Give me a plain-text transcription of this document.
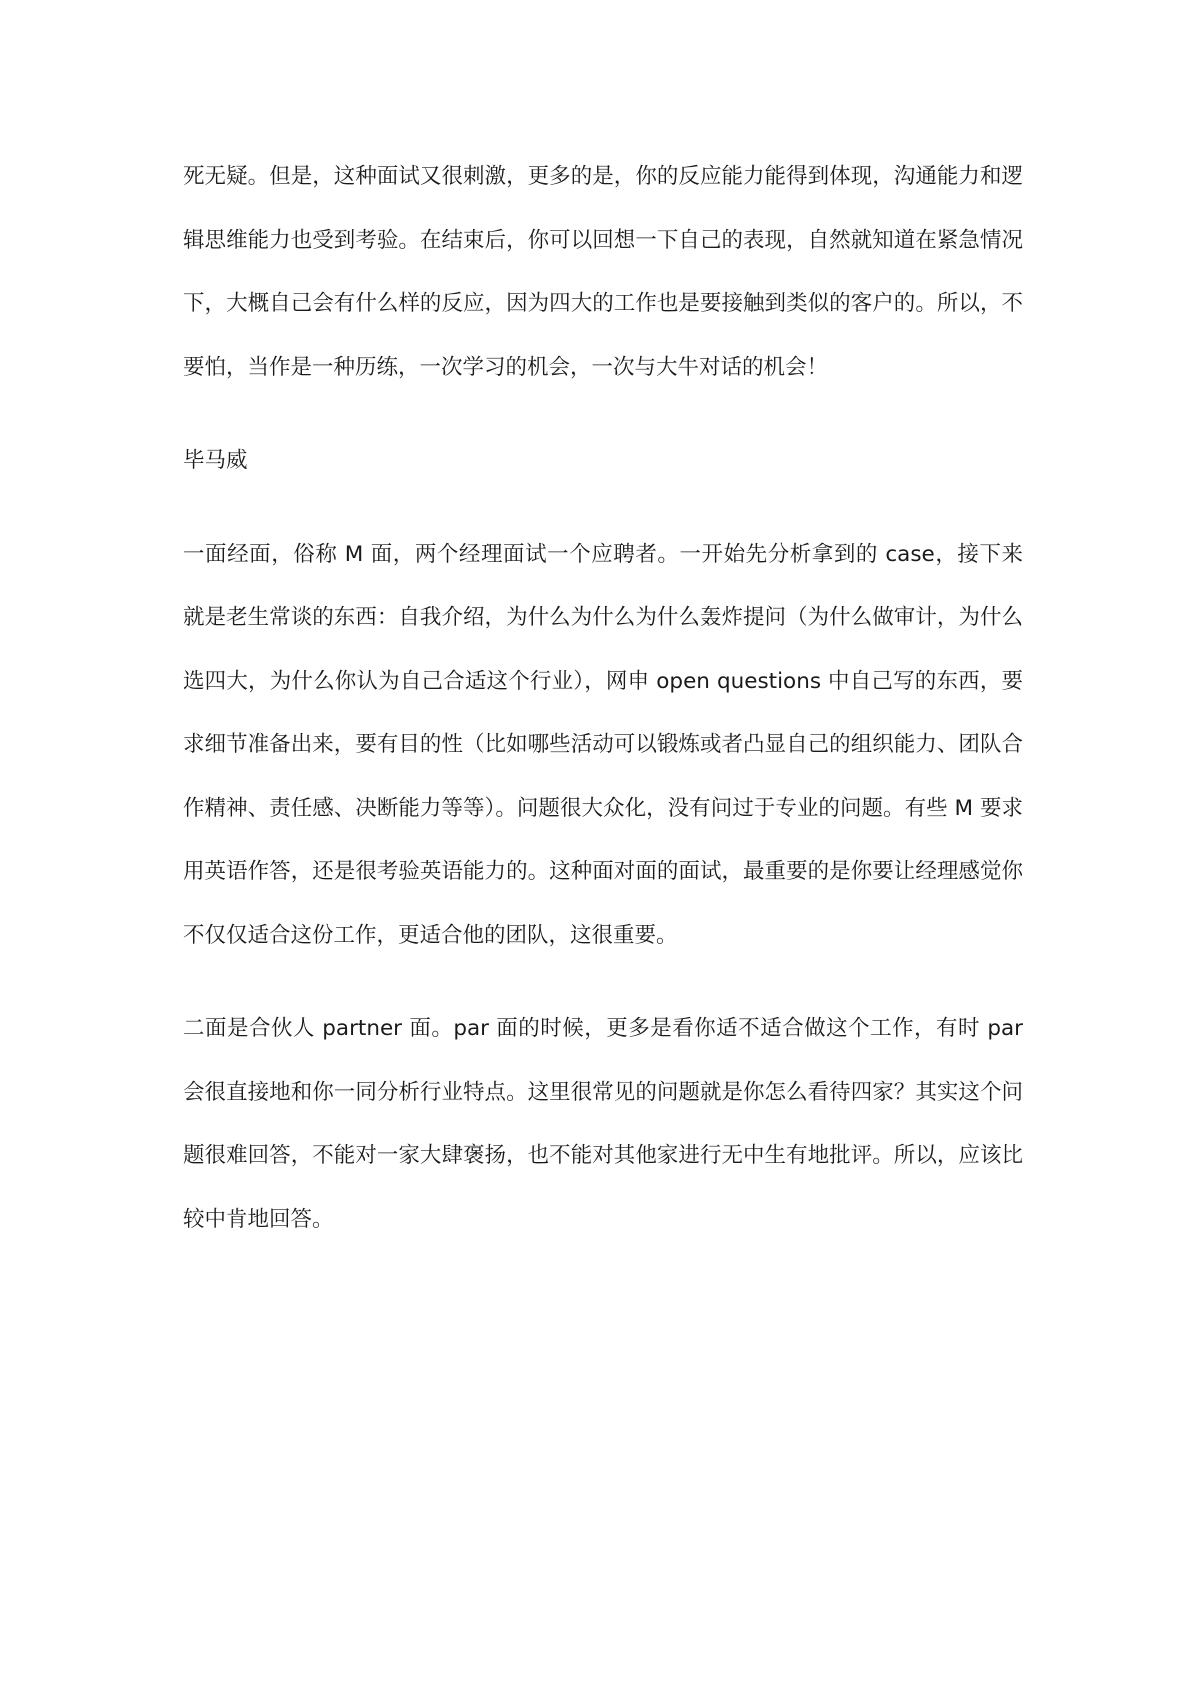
死无疑。但是，这种面试又很刺激，更多的是，你的反应能力能得到体现，沟通能力和逻辑思维能力也受到考验。在结束后，你可以回想一下自己的表现，自然就知道在紧急情况下，大概自己会有什么样的反应，因为四大的工作也是要接触到类似的客户的。所以，不要怕，当作是一种历练，一次学习的机会，一次与大牛对话的机会！

毕马威

一面经面，俗称 M 面，两个经理面试一个应聘者。一开始先分析拿到的 case，接下来就是老生常谈的东西：自我介绍，为什么为什么为什么轰炸提问（为什么做审计，为什么选四大，为什么你认为自己合适这个行业），网申 open questions 中自己写的东西，要求细节准备出来，要有目的性（比如哪些活动可以锻炼或者凸显自己的组织能力、团队合作精神、责任感、决断能力等等）。问题很大众化，没有问过于专业的问题。有些 M 要求用英语作答，还是很考验英语能力的。这种面对面的面试，最重要的是你要让经理感觉你不仅仅适合这份工作，更适合他的团队，这很重要。

二面是合伙人 partner 面。par 面的时候，更多是看你适不适合做这个工作，有时 par 会很直接地和你一同分析行业特点。这里很常见的问题就是你怎么看待四家？其实这个问题很难回答，不能对一家大肆褒扬，也不能对其他家进行无中生有地批评。所以，应该比较中肯地回答。
